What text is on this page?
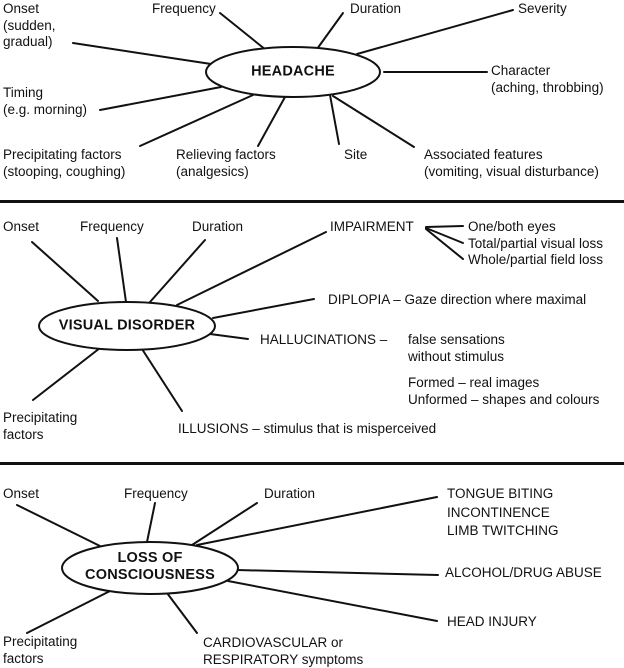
HEADACHE
Onset
(sudden,
gradual)
Frequency	Duration	Severity
Character
(aching, throbbing)
Timing
(e.g. morning)
Precipitating factors
(stooping, coughing)
Relieving factors
(analgesics)
Site	Associated features
(vomiting, visual disturbance)
VISUAL DISORDER
Onset	Frequency	Duration	IMPAIRMENT	One/both eyes
Total/partial visual loss
Whole/partial field loss
DIPLOPIA – Gaze direction where maximal
HALLUCINATIONS – false sensations
without stimulus
Formed – real images
Unformed – shapes and colours
ILLUSIONS – stimulus that is misperceived
Precipitating
factors
LOSS OF
CONSCIOUSNESS
Onset	Frequency	Duration	TONGUE BITING
INCONTINENCE
LIMB TWITCHING
ALCOHOL/DRUG ABUSE
HEAD INJURY
CARDIOVASCULAR or
RESPIRATORY symptoms
Precipitating
factors
